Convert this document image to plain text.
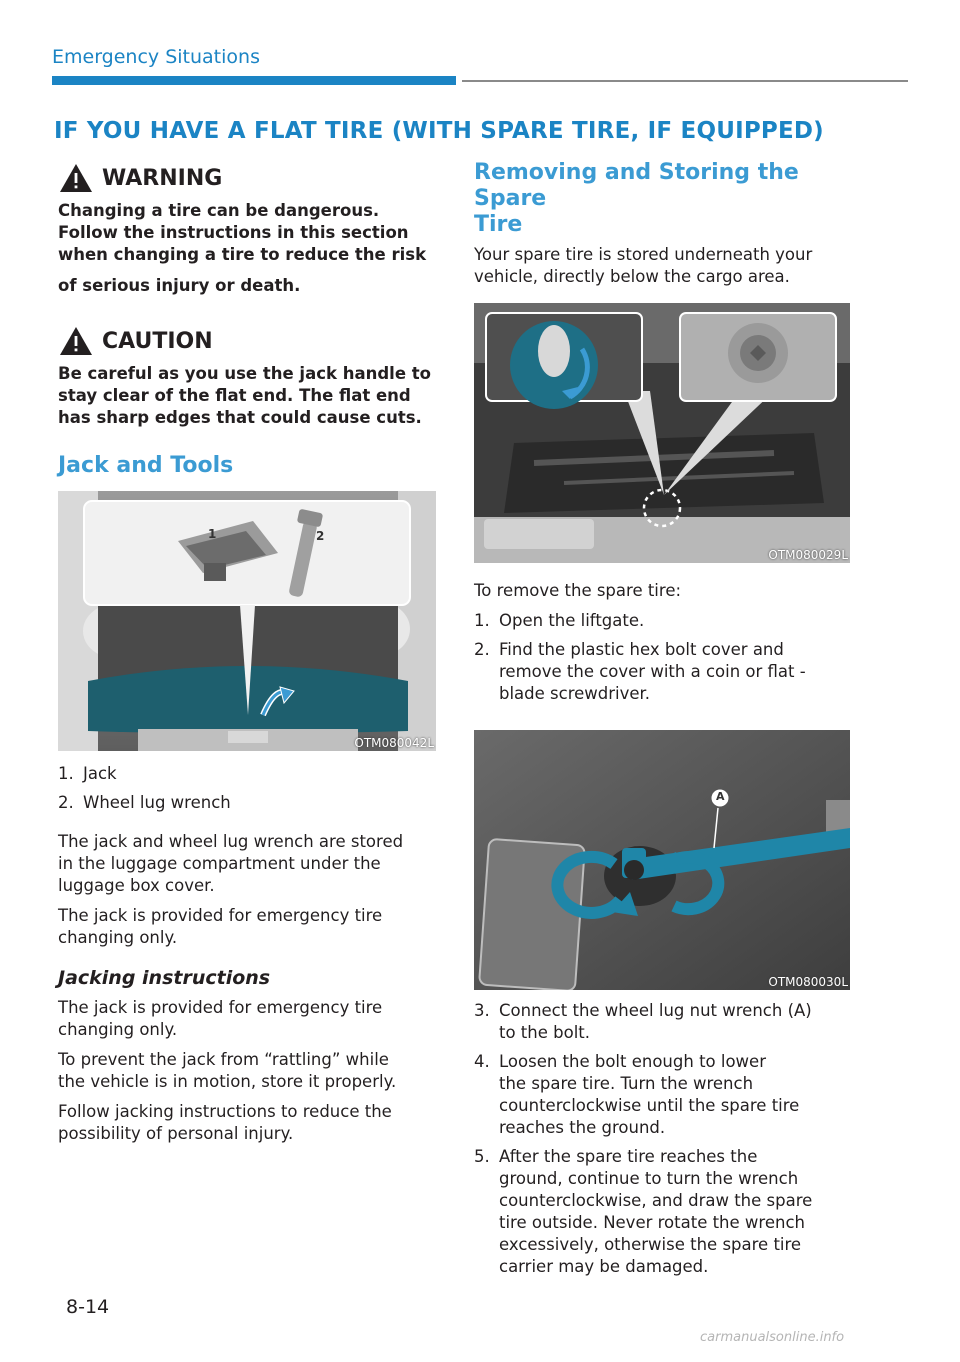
Emergency Situations
IF YOU HAVE A FLAT TIRE (WITH SPARE TIRE, IF EQUIPPED)
WARNING
Changing a tire can be dangerous.
Follow the instructions in this section
when changing a tire to reduce the risk
of serious injury or death.
CAUTION
Be careful as you use the jack handle to
stay clear of the flat end. The flat end
has sharp edges that could cause cuts.
Jack and Tools
1	2
OTM080042L
1. Jack
2. Wheel lug wrench
The jack and wheel lug wrench are stored
in the luggage compartment under the
luggage box cover.
The jack is provided for emergency tire
changing only.
Jacking instructions
The jack is provided for emergency tire
changing only.
To prevent the jack from “rattling” while
the vehicle is in motion, store it properly.
Follow jacking instructions to reduce the
possibility of personal injury.
Removing and Storing the Spare
Tire
Your spare tire is stored underneath your
vehicle, directly below the cargo area.
OTM080029L
To remove the spare tire:
1. Open the liftgate.
2. Find the plastic hex bolt cover and
remove the cover with a coin or flat -
blade screwdriver.
A
OTM080030L
3. Connect the wheel lug nut wrench (A)
to the bolt.
4. Loosen the bolt enough to lower
the spare tire. Turn the wrench
counterclockwise until the spare tire
reaches the ground.
5. After the spare tire reaches the
ground, continue to turn the wrench
counterclockwise, and draw the spare
tire outside. Never rotate the wrench
excessively, otherwise the spare tire
carrier may be damaged.
8-14
carmanualsonline.info
